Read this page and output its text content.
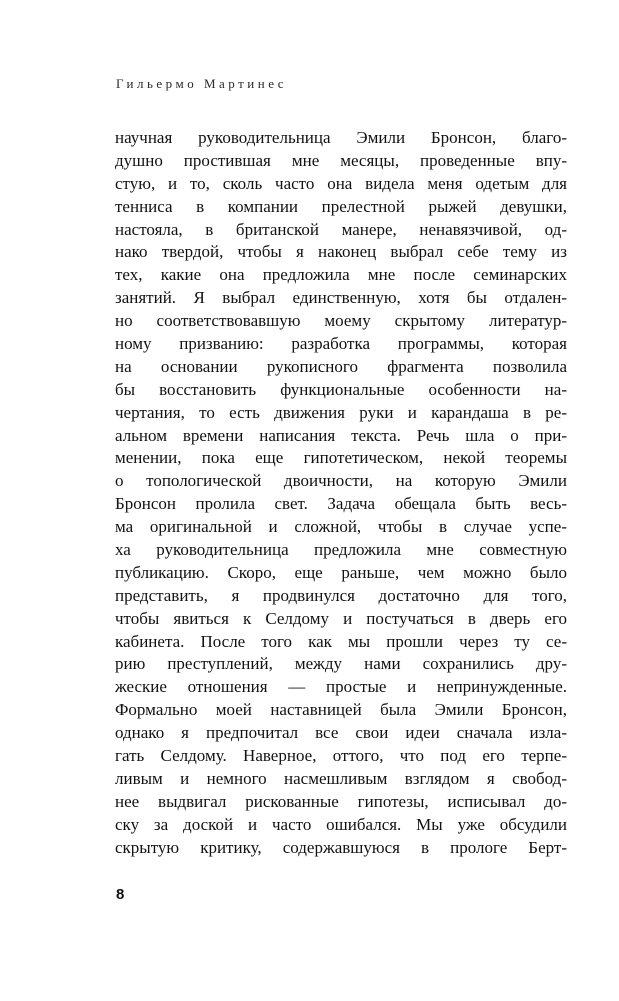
Гильермо Мартинес
научная руководительница Эмили Бронсон, благо-
душно простившая мне месяцы, проведенные впу-
стую, и то, сколь часто она видела меня одетым для
тенниса в компании прелестной рыжей девушки,
настояла, в британской манере, ненавязчивой, од-
нако твердой, чтобы я наконец выбрал себе тему из
тех, какие она предложила мне после семинарских
занятий. Я выбрал единственную, хотя бы отдален-
но соответствовавшую моему скрытому литератур-
ному призванию: разработка программы, которая
на основании рукописного фрагмента позволила
бы восстановить функциональные особенности на-
чертания, то есть движения руки и карандаша в ре-
альном времени написания текста. Речь шла о при-
менении, пока еще гипотетическом, некой теоремы
о топологической двоичности, на которую Эмили
Бронсон пролила свет. Задача обещала быть весь-
ма оригинальной и сложной, чтобы в случае успе-
ха руководительница предложила мне совместную
публикацию. Скоро, еще раньше, чем можно было
представить, я продвинулся достаточно для того,
чтобы явиться к Селдому и постучаться в дверь его
кабинета. После того как мы прошли через ту се-
рию преступлений, между нами сохранились дру-
жеские отношения — простые и непринужденные.
Формально моей наставницей была Эмили Бронсон,
однако я предпочитал все свои идеи сначала изла-
гать Селдому. Наверное, оттого, что под его терпе-
ливым и немного насмешливым взглядом я свобод-
нее выдвигал рискованные гипотезы, исписывал до-
ску за доской и часто ошибался. Мы уже обсудили
скрытую критику, содержавшуюся в прологе Берт-
8
